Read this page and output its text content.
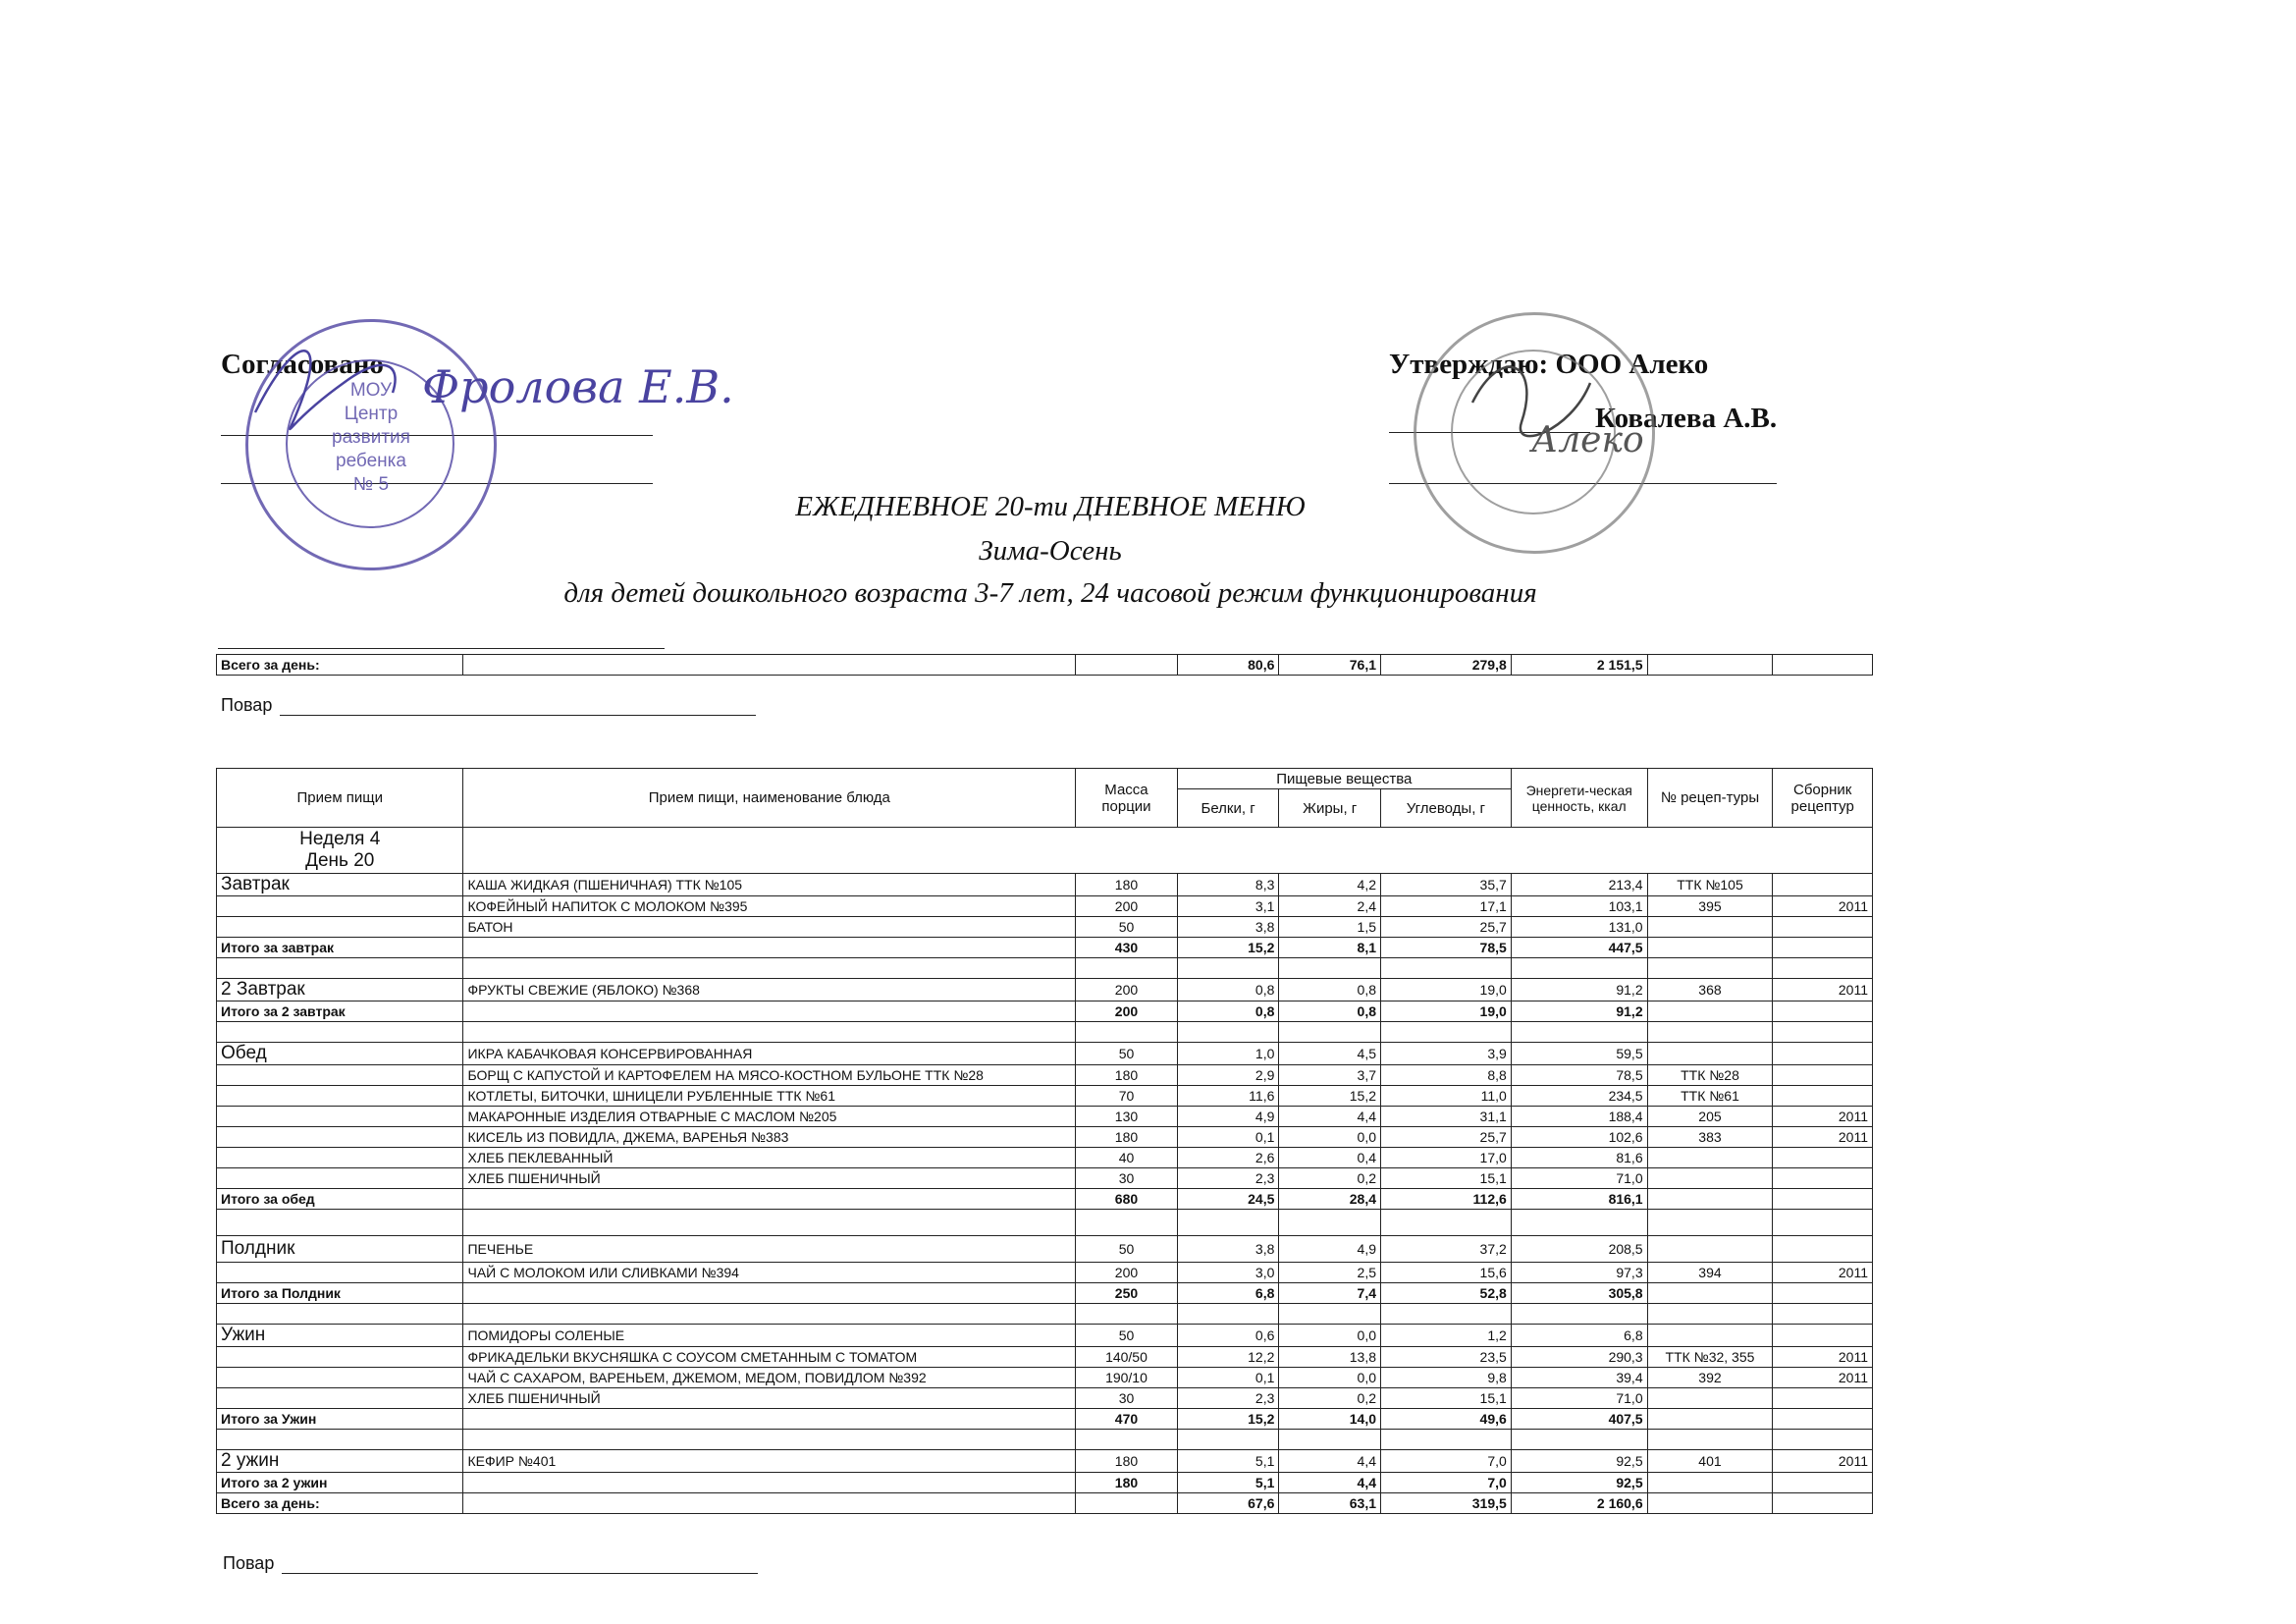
Согласовано
МОУ
Центр
развития
ребенка
№ 5
Фролова Е.В.	Утверждаю: ООО Алеко
Ковалева А.В.
Алеко
ЕЖЕДНЕВНОЕ 20-ти ДНЕВНОЕ МЕНЮ
Зима-Осень
для детей дошкольного возраста 3-7 лет, 24 часовой режим функционирования
Всего за день:			80,6	76,1	279,8	2 151,5		
Повар
Прием пищи	Прием пищи, наименование блюда	Масса порции	Пищевые вещества			Энергети-ческая ценность, ккал	№ рецеп-туры	Сборник рецептур
			Белки, г	Жиры, г	Углеводы, г			

Неделя 4
День 20								

Завтрак	КАША ЖИДКАЯ (ПШЕНИЧНАЯ) ТТК №105	180	8,3	4,2	35,7	213,4	ТТК №105	
	КОФЕЙНЫЙ НАПИТОК С МОЛОКОМ №395	200	3,1	2,4	17,1	103,1	395	2011
	БАТОН	50	3,8	1,5	25,7	131,0		
Итого за завтрак		430	15,2	8,1	78,5	447,5		

2 Завтрак	ФРУКТЫ СВЕЖИЕ (ЯБЛОКО) №368	200	0,8	0,8	19,0	91,2	368	2011
Итого за 2 завтрак		200	0,8	0,8	19,0	91,2		

Обед	ИКРА КАБАЧКОВАЯ КОНСЕРВИРОВАННАЯ	50	1,0	4,5	3,9	59,5		
	БОРЩ С КАПУСТОЙ И КАРТОФЕЛЕМ НА МЯСО-КОСТНОМ БУЛЬОНЕ ТТК №28	180	2,9	3,7	8,8	78,5	ТТК №28	
	КОТЛЕТЫ, БИТОЧКИ, ШНИЦЕЛИ РУБЛЕННЫЕ ТТК №61	70	11,6	15,2	11,0	234,5	ТТК №61	
	МАКАРОННЫЕ ИЗДЕЛИЯ ОТВАРНЫЕ С МАСЛОМ №205	130	4,9	4,4	31,1	188,4	205	2011
	КИСЕЛЬ ИЗ ПОВИДЛА, ДЖЕМА, ВАРЕНЬЯ №383	180	0,1	0,0	25,7	102,6	383	2011
	ХЛЕБ ПЕКЛЕВАННЫЙ	40	2,6	0,4	17,0	81,6		
	ХЛЕБ ПШЕНИЧНЫЙ	30	2,3	0,2	15,1	71,0		
Итого за обед		680	24,5	28,4	112,6	816,1		

Полдник	ПЕЧЕНЬЕ	50	3,8	4,9	37,2	208,5		
	ЧАЙ С МОЛОКОМ ИЛИ СЛИВКАМИ №394	200	3,0	2,5	15,6	97,3	394	2011
Итого за Полдник		250	6,8	7,4	52,8	305,8		

Ужин	ПОМИДОРЫ СОЛЕНЫЕ	50	0,6	0,0	1,2	6,8		
	ФРИКАДЕЛЬКИ ВКУСНЯШКА С СОУСОМ СМЕТАННЫМ С ТОМАТОМ	140/50	12,2	13,8	23,5	290,3	ТТК №32, 355	2011
	ЧАЙ С САХАРОМ, ВАРЕНЬЕМ, ДЖЕМОМ, МЕДОМ, ПОВИДЛОМ №392	190/10	0,1	0,0	9,8	39,4	392	2011
	ХЛЕБ ПШЕНИЧНЫЙ	30	2,3	0,2	15,1	71,0		
Итого за Ужин		470	15,2	14,0	49,6	407,5		

2 ужин	КЕФИР №401	180	5,1	4,4	7,0	92,5	401	2011
Итого за 2 ужин		180	5,1	4,4	7,0	92,5		
Всего за день:			67,6	63,1	319,5	2 160,6		
Повар
